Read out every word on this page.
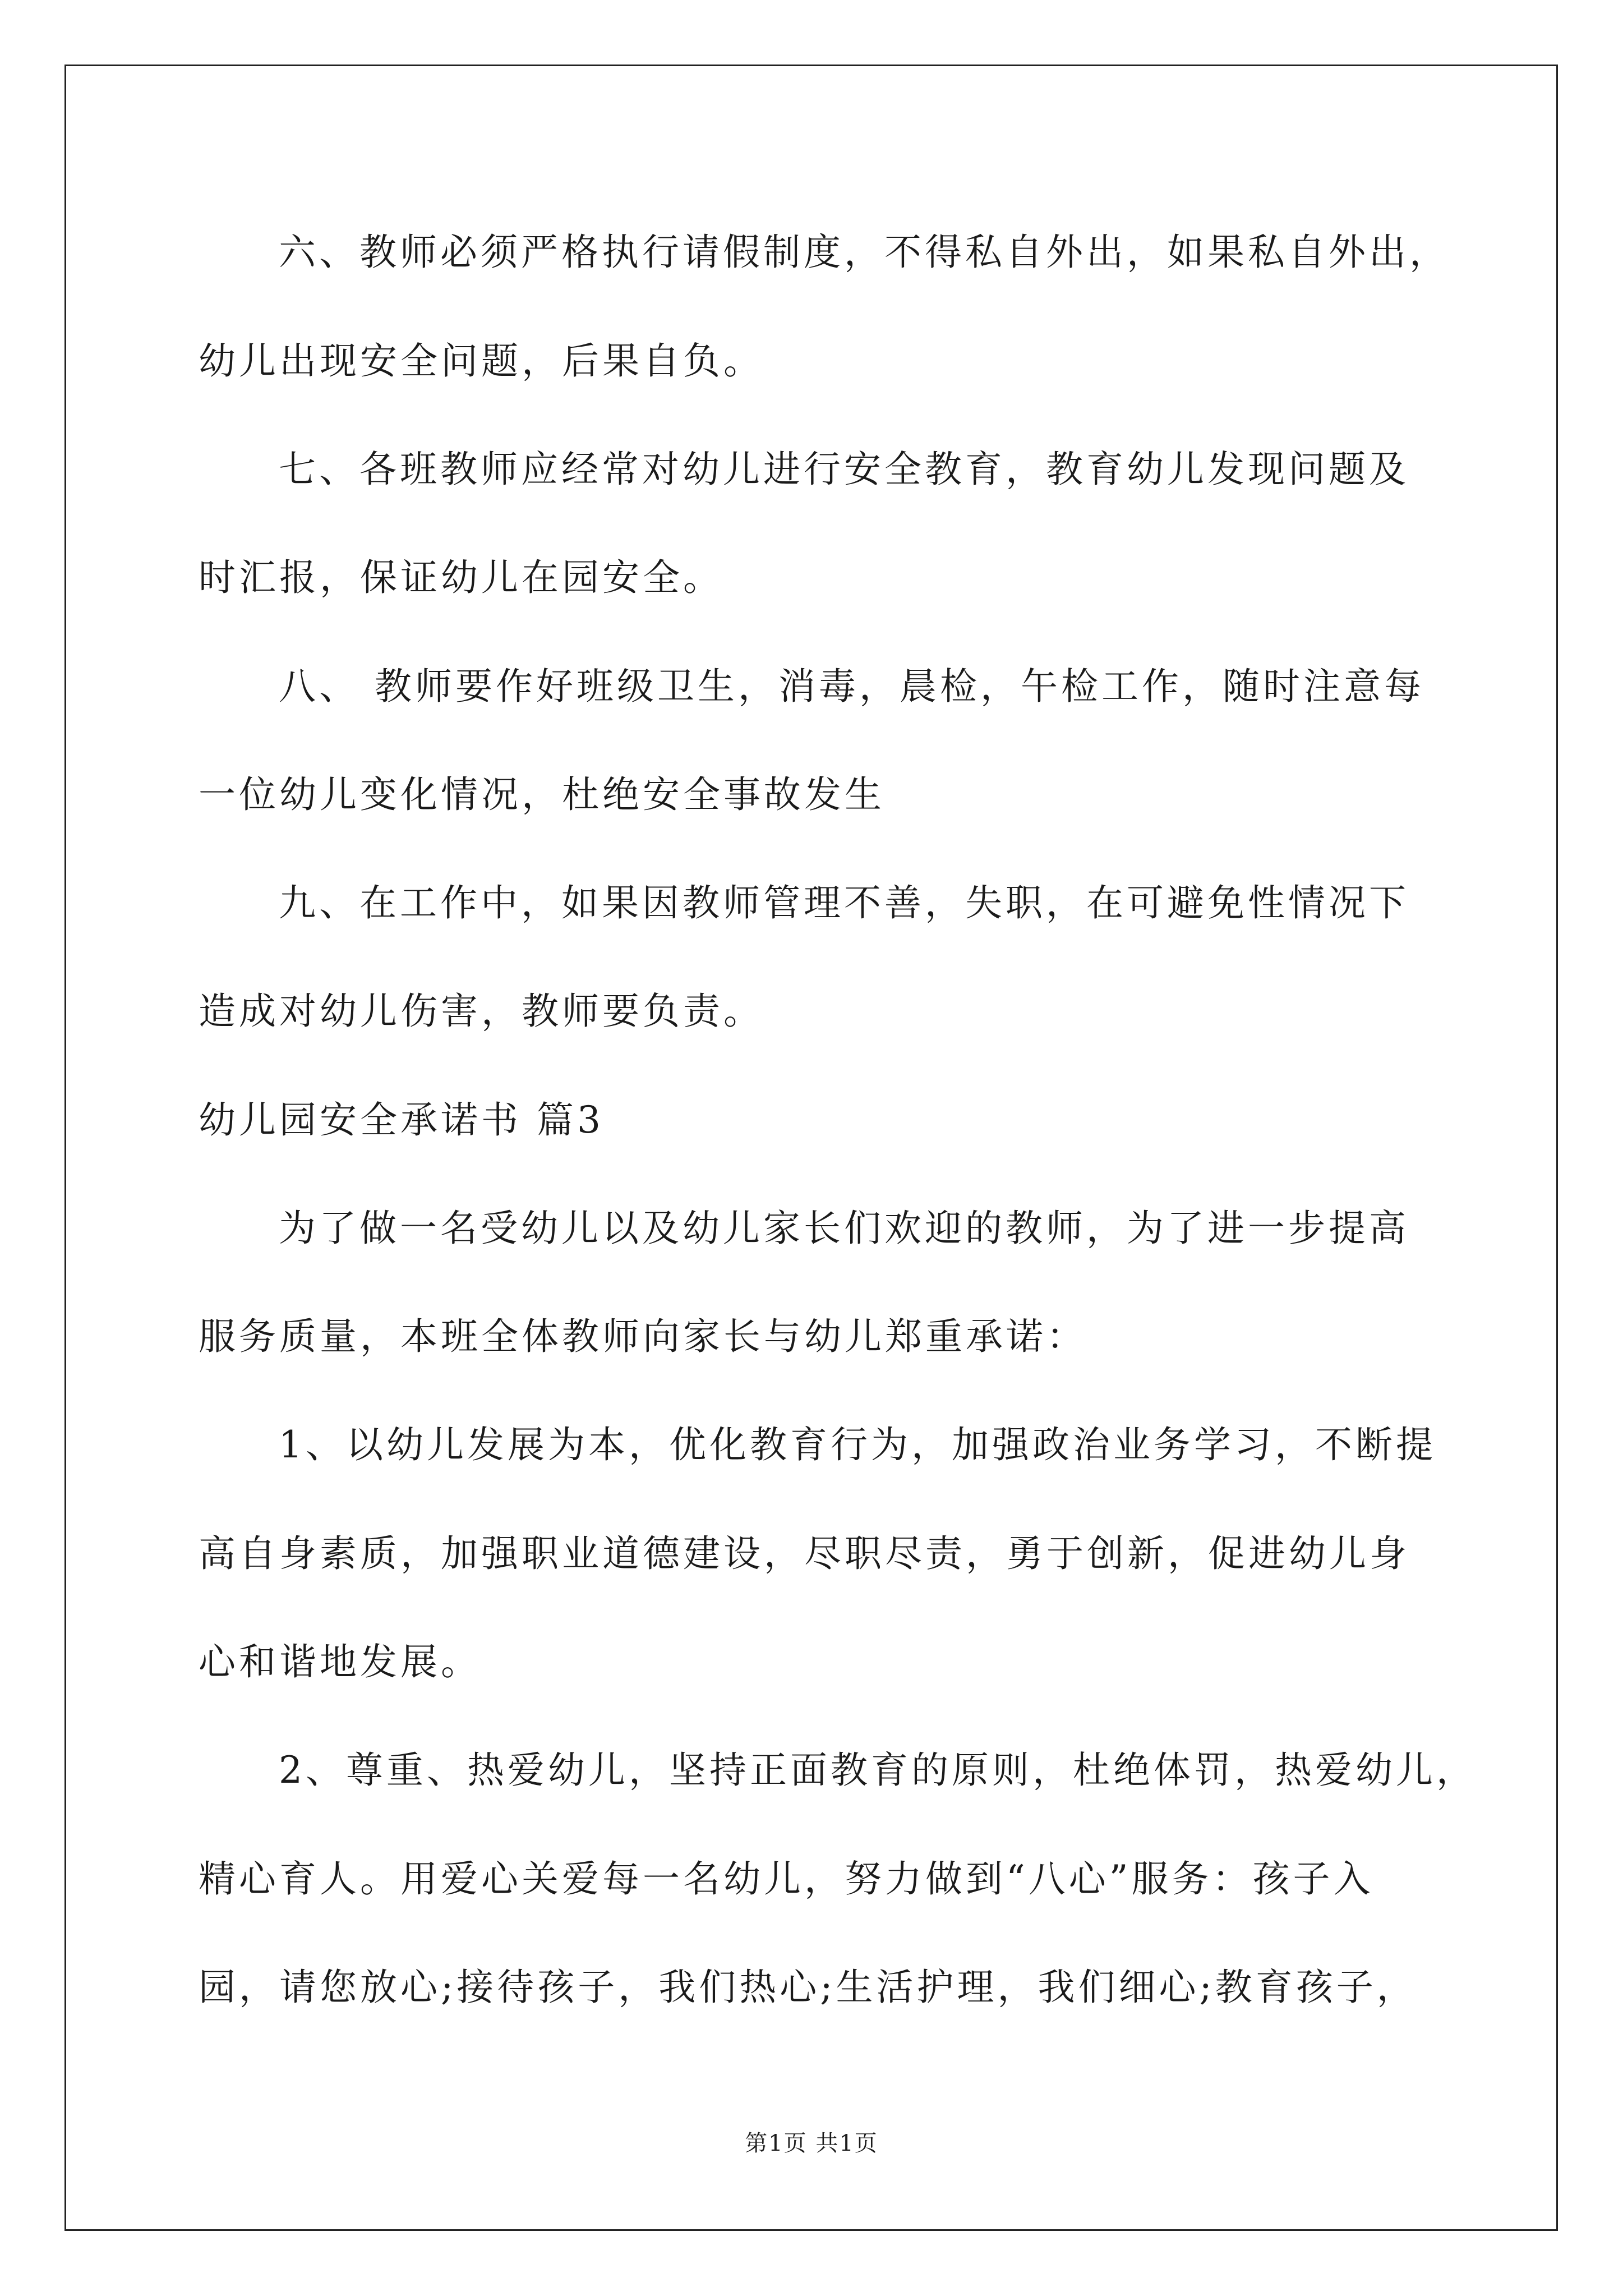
六、教师必须严格执行请假制度，不得私自外出，如果私自外出，
幼儿出现安全问题，后果自负。
七、各班教师应经常对幼儿进行安全教育，教育幼儿发现问题及
时汇报，保证幼儿在园安全。
八、 教师要作好班级卫生，消毒，晨检，午检工作，随时注意每
一位幼儿变化情况，杜绝安全事故发生
九、在工作中，如果因教师管理不善，失职，在可避免性情况下
造成对幼儿伤害，教师要负责。
幼儿园安全承诺书 篇3
为了做一名受幼儿以及幼儿家长们欢迎的教师，为了进一步提高
服务质量，本班全体教师向家长与幼儿郑重承诺：
1、以幼儿发展为本，优化教育行为，加强政治业务学习，不断提
高自身素质，加强职业道德建设，尽职尽责，勇于创新，促进幼儿身
心和谐地发展。
2、尊重、热爱幼儿，坚持正面教育的原则，杜绝体罚，热爱幼儿，
精心育人。用爱心关爱每一名幼儿，努力做到“八心”服务：孩子入
园，请您放心;接待孩子，我们热心;生活护理，我们细心;教育孩子，
第1页 共1页
